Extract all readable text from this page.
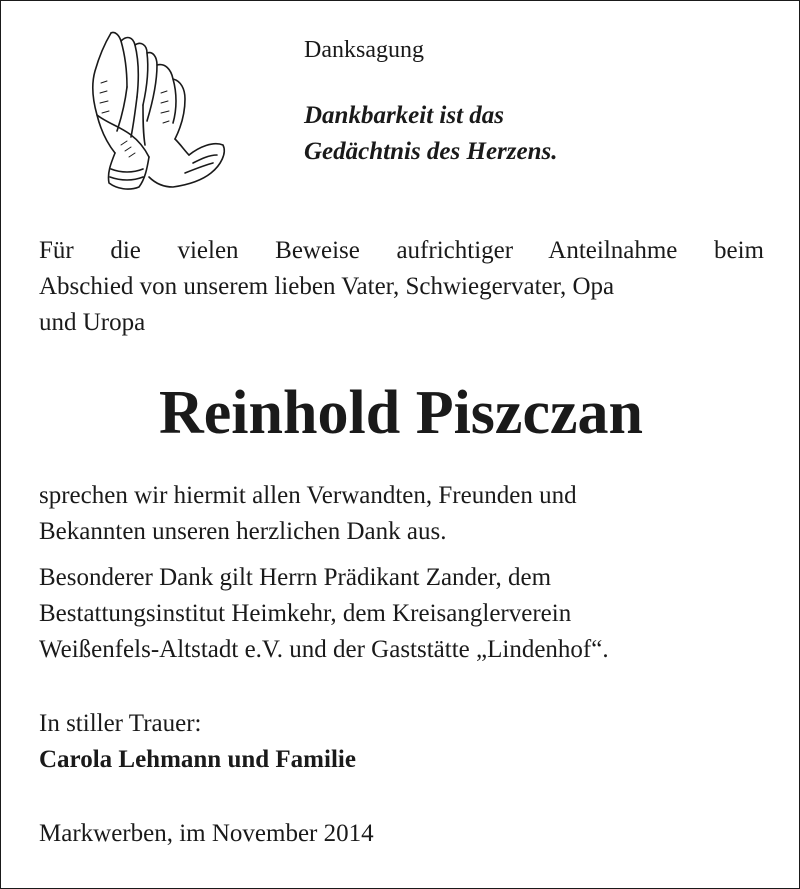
Danksagung
Dankbarkeit ist das
Gedächtnis des Herzens.
Für die vielen Beweise aufrichtiger Anteilnahme beim
Abschied von unserem lieben Vater, Schwiegervater, Opa
und Uropa
Reinhold Piszczan
sprechen wir hiermit allen Verwandten, Freunden und
Bekannten unseren herzlichen Dank aus.
Besonderer Dank gilt Herrn Prädikant Zander, dem
Bestattungsinstitut Heimkehr, dem Kreisanglerverein
Weißenfels-Altstadt e.V. und der Gaststätte „Lindenhof“.
In stiller Trauer:
Carola Lehmann und Familie
Markwerben, im November 2014
